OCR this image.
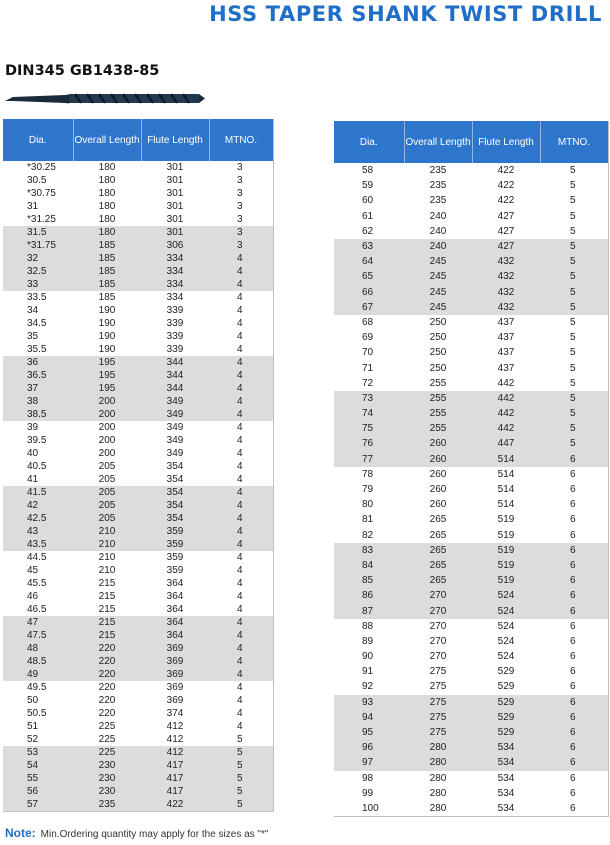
HSS TAPER SHANK TWIST DRILL
DIN345 GB1438-85
Dia.	Overall Length	Flute Length	MTNO.
*30.25	180	301	3
30.5	180	301	3
*30.75	180	301	3
31	180	301	3
*31.25	180	301	3
31.5	180	301	3
*31.75	185	306	3
32	185	334	4
32.5	185	334	4
33	185	334	4
33.5	185	334	4
34	190	339	4
34.5	190	339	4
35	190	339	4
35.5	190	339	4
36	195	344	4
36.5	195	344	4
37	195	344	4
38	200	349	4
38.5	200	349	4
39	200	349	4
39.5	200	349	4
40	200	349	4
40.5	205	354	4
41	205	354	4
41.5	205	354	4
42	205	354	4
42.5	205	354	4
43	210	359	4
43.5	210	359	4
44.5	210	359	4
45	210	359	4
45.5	215	364	4
46	215	364	4
46.5	215	364	4
47	215	364	4
47.5	215	364	4
48	220	369	4
48.5	220	369	4
49	220	369	4
49.5	220	369	4
50	220	369	4
50.5	220	374	4
51	225	412	4
52	225	412	5
53	225	412	5
54	230	417	5
55	230	417	5
56	230	417	5
57	235	422	5
Dia.	Overall Length	Flute Length	MTNO.
58	235	422	5
59	235	422	5
60	235	422	5
61	240	427	5
62	240	427	5
63	240	427	5
64	245	432	5
65	245	432	5
66	245	432	5
67	245	432	5
68	250	437	5
69	250	437	5
70	250	437	5
71	250	437	5
72	255	442	5
73	255	442	5
74	255	442	5
75	255	442	5
76	260	447	5
77	260	514	6
78	260	514	6
79	260	514	6
80	260	514	6
81	265	519	6
82	265	519	6
83	265	519	6
84	265	519	6
85	265	519	6
86	270	524	6
87	270	524	6
88	270	524	6
89	270	524	6
90	270	524	6
91	275	529	6
92	275	529	6
93	275	529	6
94	275	529	6
95	275	529	6
96	280	534	6
97	280	534	6
98	280	534	6
99	280	534	6
100	280	534	6
Note: Min.Ordering quantity may apply for the sizes as "*"
